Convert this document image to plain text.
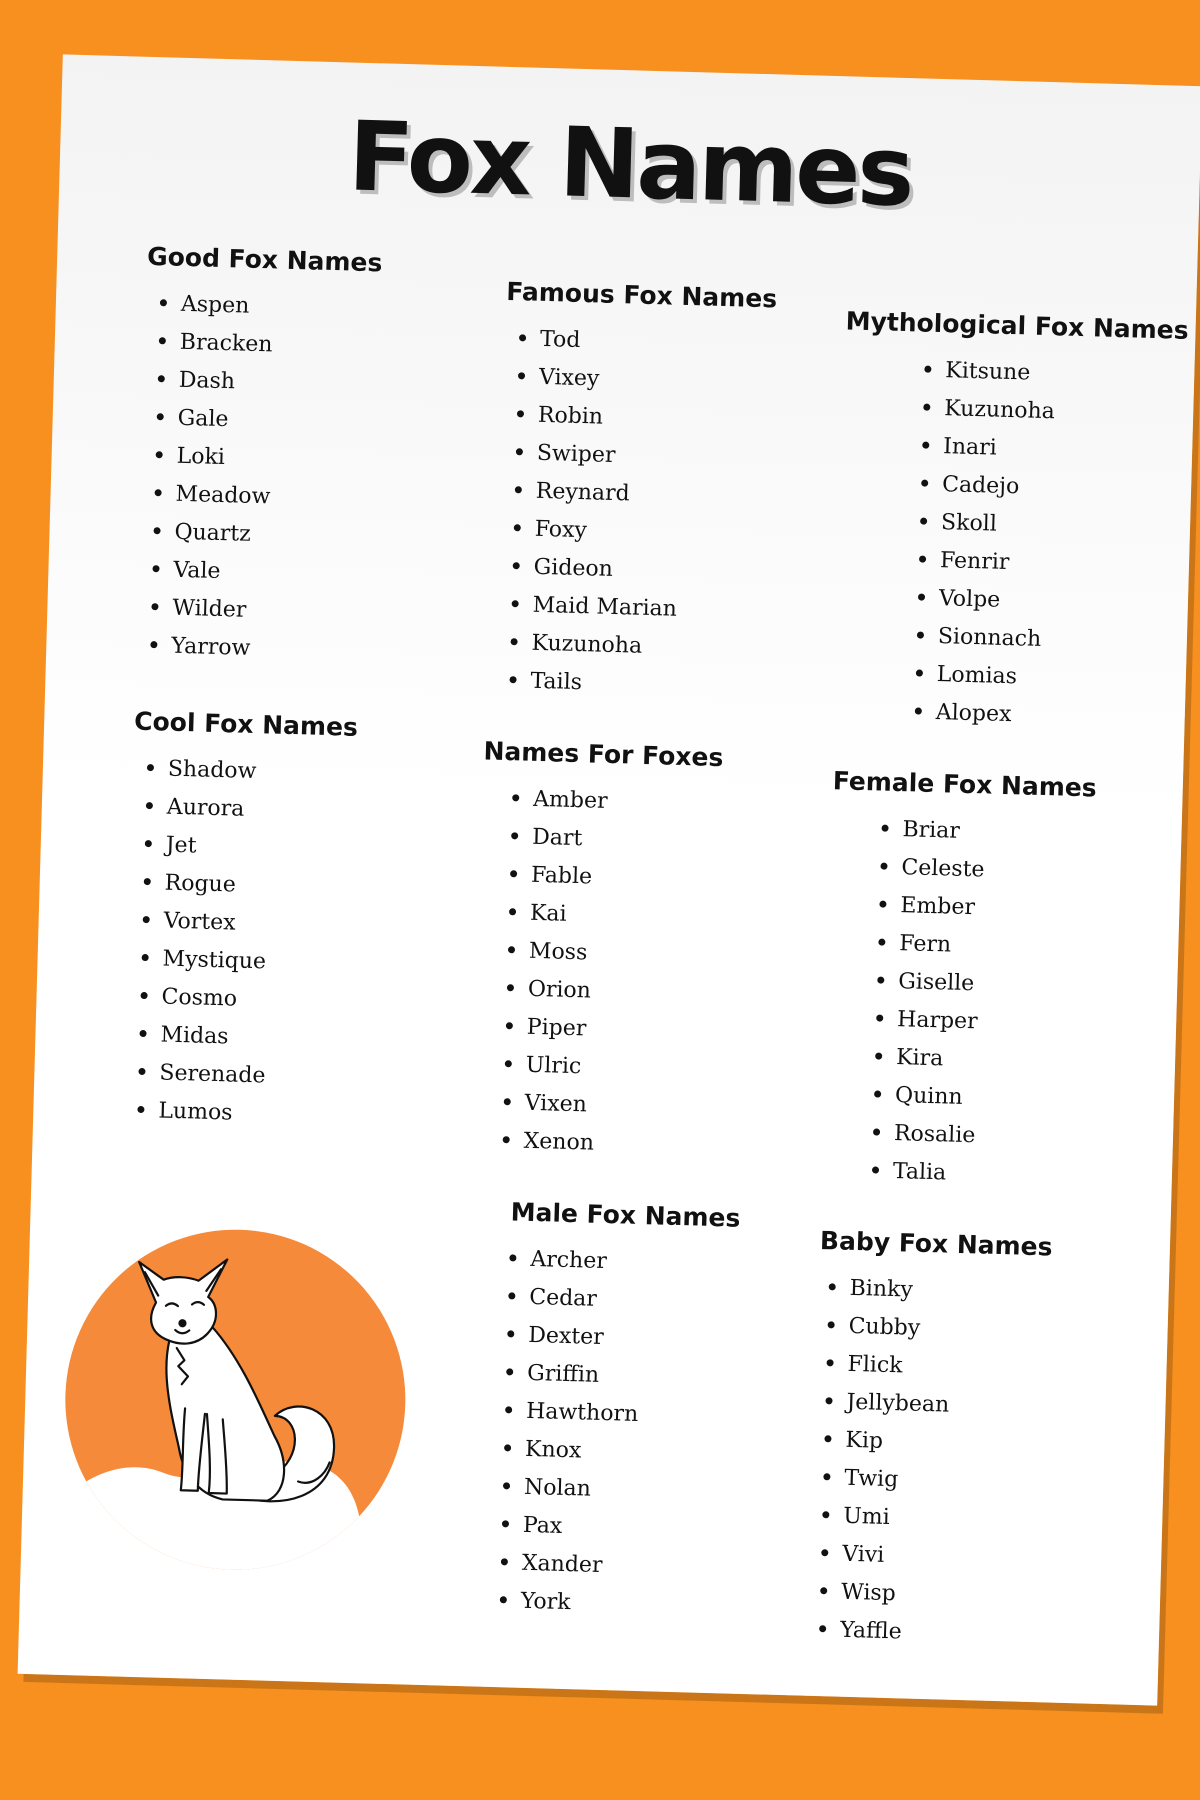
Fox Names
Good Fox Names
Aspen
Bracken
Dash
Gale
Loki
Meadow
Quartz
Vale
Wilder
Yarrow
Famous Fox Names
Tod
Vixey
Robin
Swiper
Reynard
Foxy
Gideon
Maid Marian
Kuzunoha
Tails
Mythological Fox Names
Kitsune
Kuzunoha
Inari
Cadejo
Skoll
Fenrir
Volpe
Sionnach
Lomias
Alopex
Cool Fox Names
Shadow
Aurora
Jet
Rogue
Vortex
Mystique
Cosmo
Midas
Serenade
Lumos
Names For Foxes
Amber
Dart
Fable
Kai
Moss
Orion
Piper
Ulric
Vixen
Xenon
Female Fox Names
Briar
Celeste
Ember
Fern
Giselle
Harper
Kira
Quinn
Rosalie
Talia
Male Fox Names
Archer
Cedar
Dexter
Griffin
Hawthorn
Knox
Nolan
Pax
Xander
York
Baby Fox Names
Binky
Cubby
Flick
Jellybean
Kip
Twig
Umi
Vivi
Wisp
Yaffle
